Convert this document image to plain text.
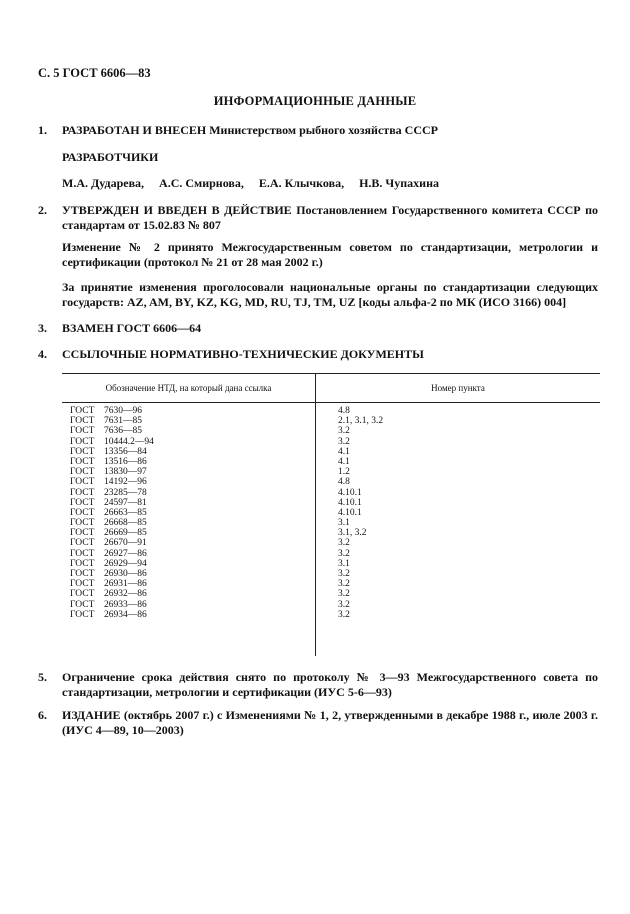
С. 5 ГОСТ 6606—83
ИНФОРМАЦИОННЫЕ ДАННЫЕ
1. РАЗРАБОТАН И ВНЕСЕН Министерством рыбного хозяйства СССР
РАЗРАБОТЧИКИ
М.А. Дударева, А.С. Смирнова, Е.А. Клычкова, Н.В. Чупахина
2. УТВЕРЖДЕН И ВВЕДЕН В ДЕЙСТВИЕ Постановлением Государственного комитета СССР по стандартам от 15.02.83 № 807
Изменение № 2 принято Межгосударственным советом по стандартизации, метрологии и сертификации (протокол № 21 от 28 мая 2002 г.)
За принятие изменения проголосовали национальные органы по стандартизации следующих государств: AZ, AM, BY, KZ, KG, MD, RU, TJ, TM, UZ [коды альфа-2 по МК (ИСО 3166) 004]
3. ВЗАМЕН ГОСТ 6606—64
4. ССЫЛОЧНЫЕ НОРМАТИВНО-ТЕХНИЧЕСКИЕ ДОКУМЕНТЫ
Обозначение НТД, на который дана ссылка	Номер пункта
ГОСТ 7630—96	4.8
ГОСТ 7631—85	2.1, 3.1, 3.2
ГОСТ 7636—85	3.2
ГОСТ 10444.2—94	3.2
ГОСТ 13356—84	4.1
ГОСТ 13516—86	4.1
ГОСТ 13830—97	1.2
ГОСТ 14192—96	4.8
ГОСТ 23285—78	4.10.1
ГОСТ 24597—81	4.10.1
ГОСТ 26663—85	4.10.1
ГОСТ 26668—85	3.1
ГОСТ 26669—85	3.1, 3.2
ГОСТ 26670—91	3.2
ГОСТ 26927—86	3.2
ГОСТ 26929—94	3.1
ГОСТ 26930—86	3.2
ГОСТ 26931—86	3.2
ГОСТ 26932—86	3.2
ГОСТ 26933—86	3.2
ГОСТ 26934—86	3.2
5. Ограничение срока действия снято по протоколу № 3—93 Межгосударственного совета по стандартизации, метрологии и сертификации (ИУС 5-6—93)
6. ИЗДАНИЕ (октябрь 2007 г.) с Изменениями № 1, 2, утвержденными в декабре 1988 г., июле 2003 г. (ИУС 4—89, 10—2003)
